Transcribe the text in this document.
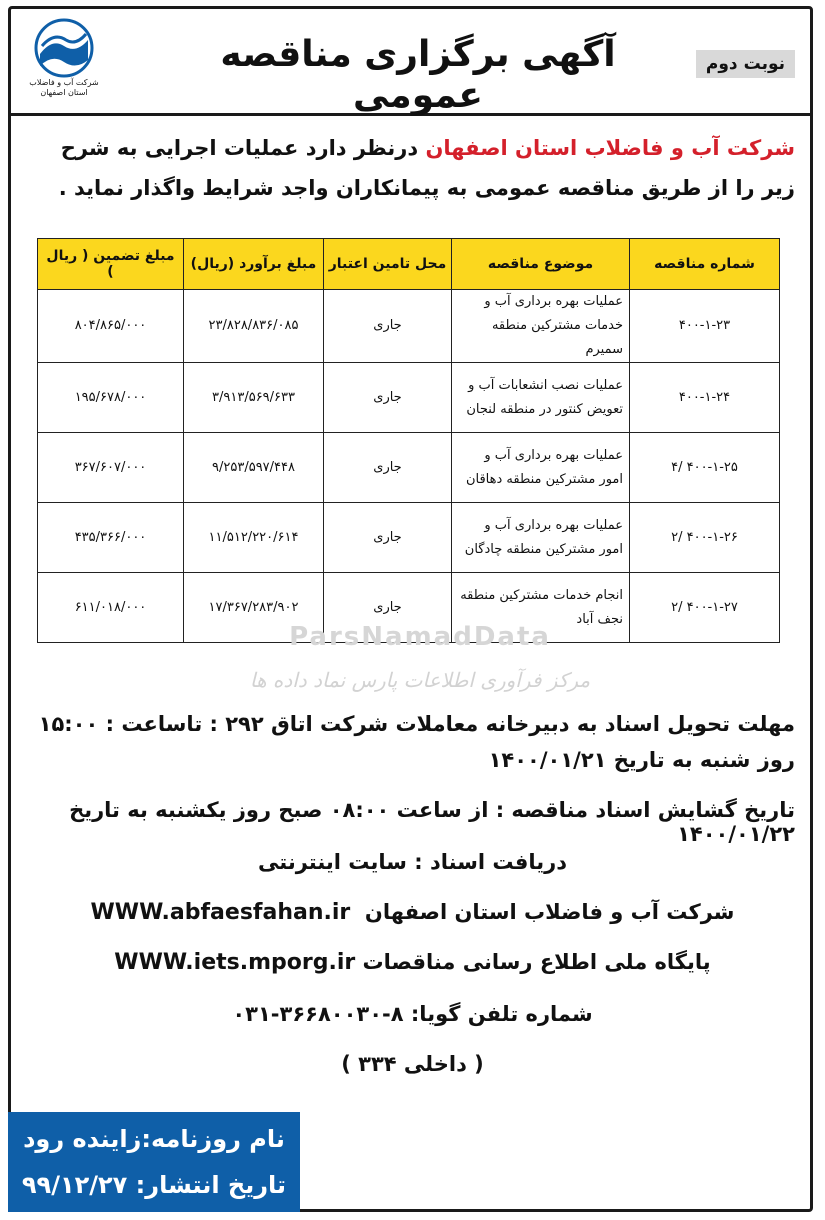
شرکت آب و فاضلاب
استان اصفهان
آگهی برگزاری مناقصه عمومی
نوبت دوم
شرکت آب و فاضلاب استان اصفهان درنظر دارد عملیات اجرایی به شرح زیر را از طریق مناقصه عمومی به پیمانکاران واجد شرایط واگذار نماید .
شماره مناقصه	موضوع مناقصه	محل تامین اعتبار	مبلغ برآورد (ریال)	مبلغ تضمین ( ریال )
۴۰۰-۱-۲۳	عملیات بهره برداری آب و خدمات مشترکین منطقه سمیرم	جاری	۲۳/۸۲۸/۸۳۶/۰۸۵	۸۰۴/۸۶۵/۰۰۰
۴۰۰-۱-۲۴	عملیات نصب انشعابات آب و تعویض کنتور در منطقه لنجان	جاری	۳/۹۱۳/۵۶۹/۶۳۳	۱۹۵/۶۷۸/۰۰۰
۴۰۰-۱-۲۵ /۴	عملیات بهره برداری آب و امور مشترکین منطقه دهاقان	جاری	۹/۲۵۳/۵۹۷/۴۴۸	۳۶۷/۶۰۷/۰۰۰
۴۰۰-۱-۲۶ /۲	عملیات بهره برداری آب و امور مشترکین منطقه چادگان	جاری	۱۱/۵۱۲/۲۲۰/۶۱۴	۴۳۵/۳۶۶/۰۰۰
۴۰۰-۱-۲۷ /۲	انجام خدمات مشترکین منطقه نجف آباد	جاری	۱۷/۳۶۷/۲۸۳/۹۰۲	۶۱۱/۰۱۸/۰۰۰
ParsNamadData
مرکز فرآوری اطلاعات پارس نماد داده ها
مهلت تحویل اسناد به دبیرخانه معاملات شرکت اتاق ۲۹۲ : تاساعت : ۱۵:۰۰ روز شنبه به تاریخ ۱۴۰۰/۰۱/۲۱
تاریخ گشایش اسناد مناقصه : از ساعت ۰۸:۰۰ صبح روز یکشنبه به تاریخ ۱۴۰۰/۰۱/۲۲
دریافت اسناد : سایت اینترنتی
شرکت آب و فاضلاب استان اصفهان  WWW.abfaesfahan.ir
پایگاه ملی اطلاع رسانی مناقصات WWW.iets.mporg.ir
شماره تلفن گویا: ۸-۳۶۶۸۰۰۳۰-۰۳۱
( داخلی ۳۳۴ )
نام روزنامه:زاینده رود
تاریخ انتشار: ۹۹/۱۲/۲۷
